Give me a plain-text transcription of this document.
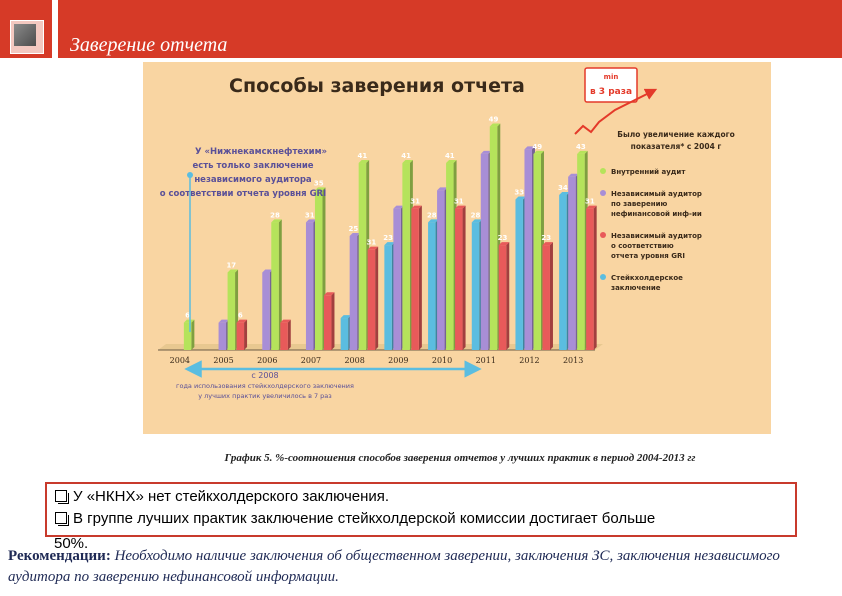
Заверение отчета
Способы заверения отчета
6
2004
17
6
2005
28
2006
31
35
2007
25
41
31
2008
23
41
31
2009
28
41
31
2010
28
49
23
2011
33
49
23
2012
34
43
31
2013
У «Нижнекамскнефтехим»
есть только заключение
независимого аудитора
о соответствии отчета уровня GRI
с 2008
года использования стейкхолдерского заключения
у лучших практик увеличилось в 7 раз
min
в 3 раза
Было увеличение каждого
показателя* с 2004 г
Внутренний аудит
Независимый аудитор
по заверению
нефинансовой инф-ии
Независимый аудитор
о соответствию
отчета уровня GRI
Стейкхолдерское
заключение
График 5. %-соотношения способов заверения отчетов у лучших практик в период 2004-2013 гг
У «НКНХ» нет стейкхолдерского заключения.
В группе лучших практик заключение стейкхолдерской комиссии достигает больше
50%.
Рекомендации: Необходимо наличие заключения об общественном заверении, заключения ЗС, заключения независимого аудитора по заверению нефинансовой информации.
